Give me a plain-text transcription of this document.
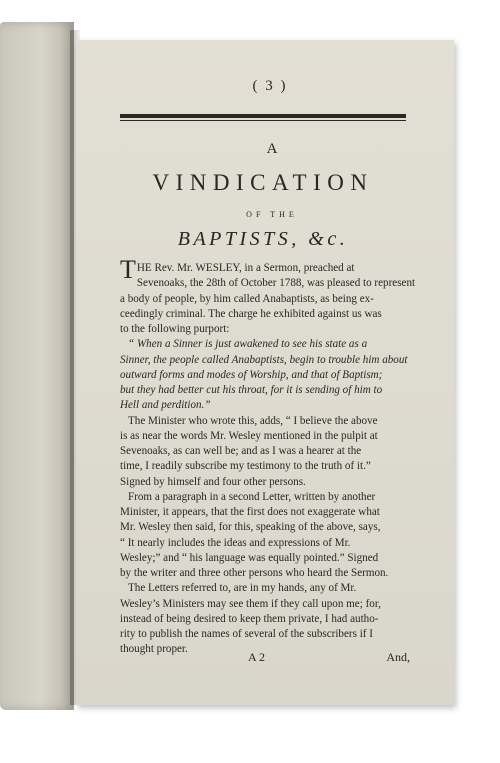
( 3 )
A
VINDICATION
OF THE
BAPTISTS, &c.
THE Rev. Mr. WESLEY, in a Sermon, preached at
Sevenoaks, the 28th of October 1788, was pleased to represent
a body of people, by him called Anabaptists, as being ex-
ceedingly criminal. The charge he exhibited against us was
to the following purport:
“ When a Sinner is just awakened to see his state as a
Sinner, the people called Anabaptists, begin to trouble him about
outward forms and modes of Worship, and that of Baptism;
but they had better cut his throat, for it is sending of him to
Hell and perdition.”
The Minister who wrote this, adds, “ I believe the above
is as near the words Mr. Wesley mentioned in the pulpit at
Sevenoaks, as can well be; and as I was a hearer at the
time, I readily subscribe my testimony to the truth of it.”
Signed by himself and four other persons.
From a paragraph in a second Letter, written by another
Minister, it appears, that the first does not exaggerate what
Mr. Wesley then said, for this, speaking of the above, says,
“ It nearly includes the ideas and expressions of Mr.
Wesley;” and “ his language was equally pointed.” Signed
by the writer and three other persons who heard the Sermon.
The Letters referred to, are in my hands, any of Mr.
Wesley’s Ministers may see them if they call upon me; for,
instead of being desired to keep them private, I had autho-
rity to publish the names of several of the subscribers if I
thought proper.
A 2	And,
